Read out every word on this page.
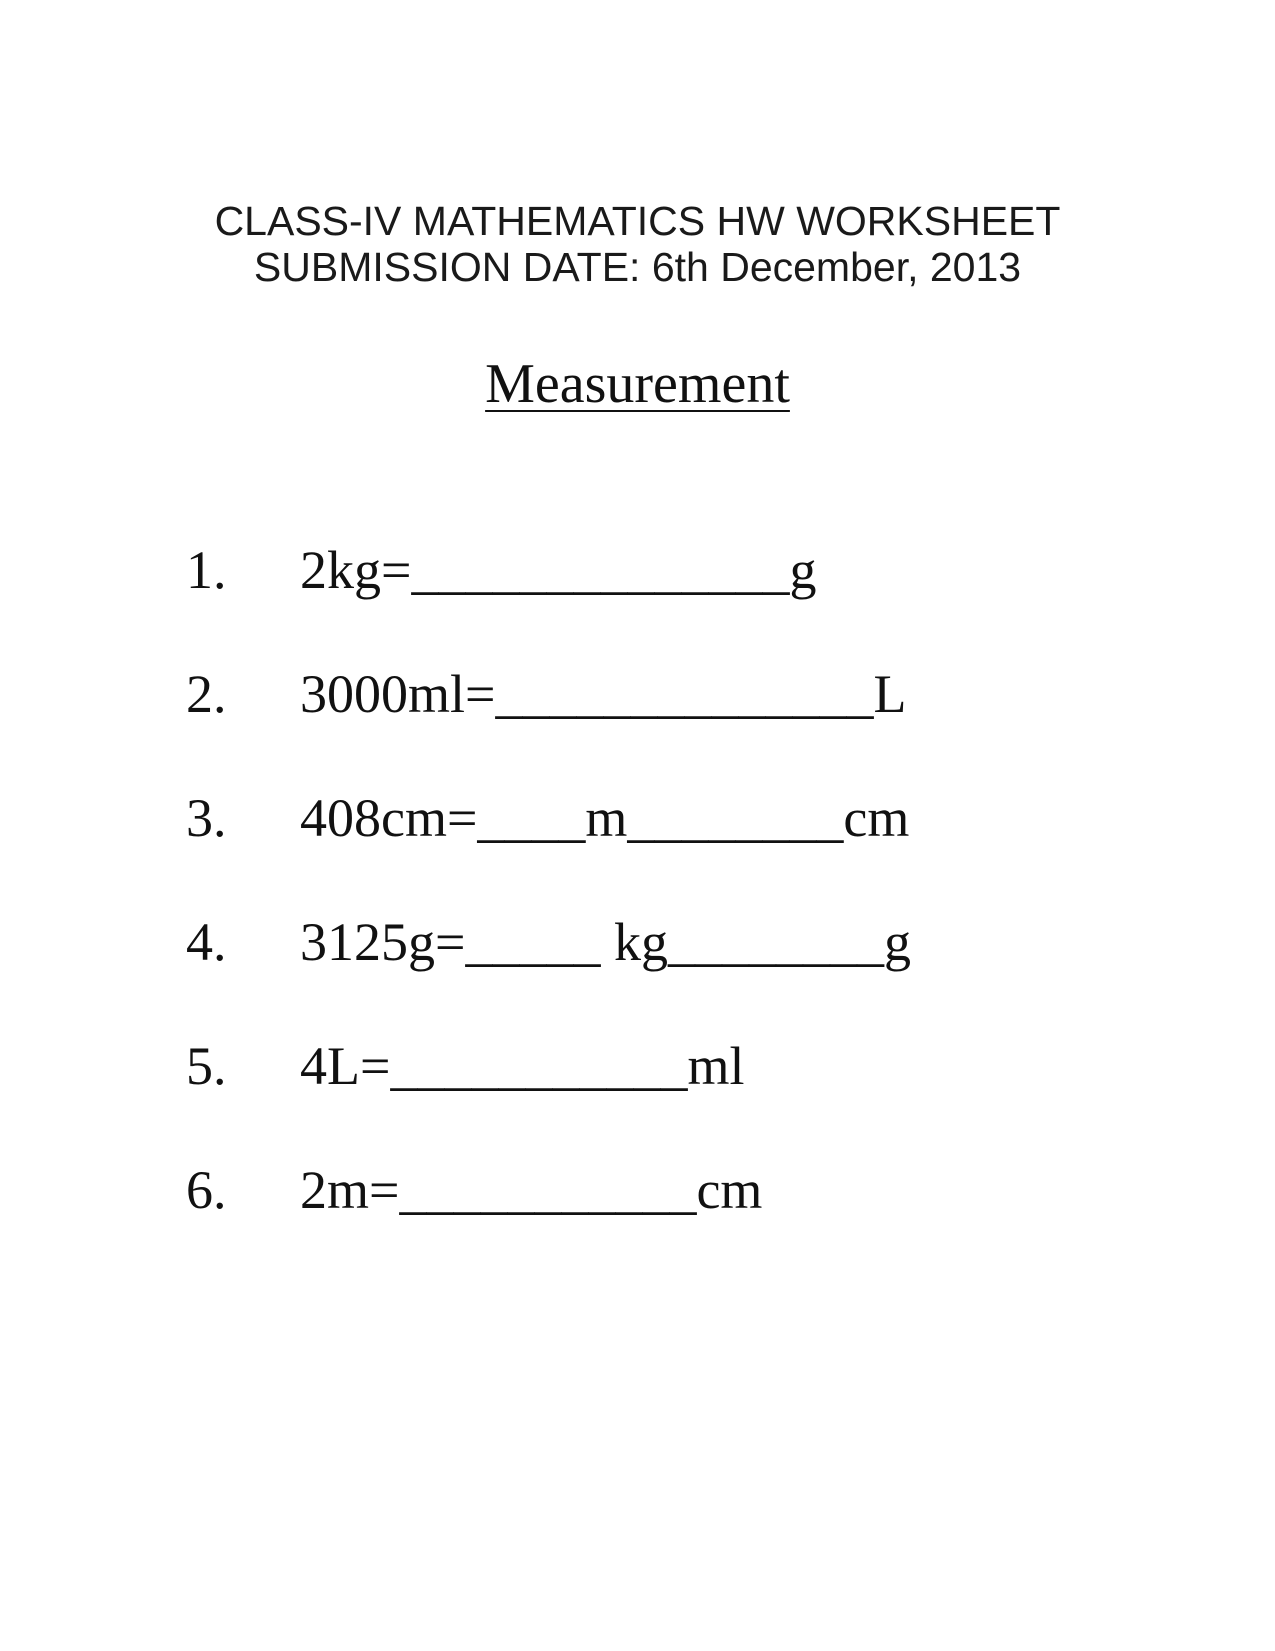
CLASS-IV MATHEMATICS HW WORKSHEET
SUBMISSION DATE: 6th December, 2013
Measurement
1. 2kg=______________g
2. 3000ml=______________L
3. 408cm=____m________cm
4. 3125g=_____ kg________g
5. 4L=___________ml
6. 2m=___________cm
